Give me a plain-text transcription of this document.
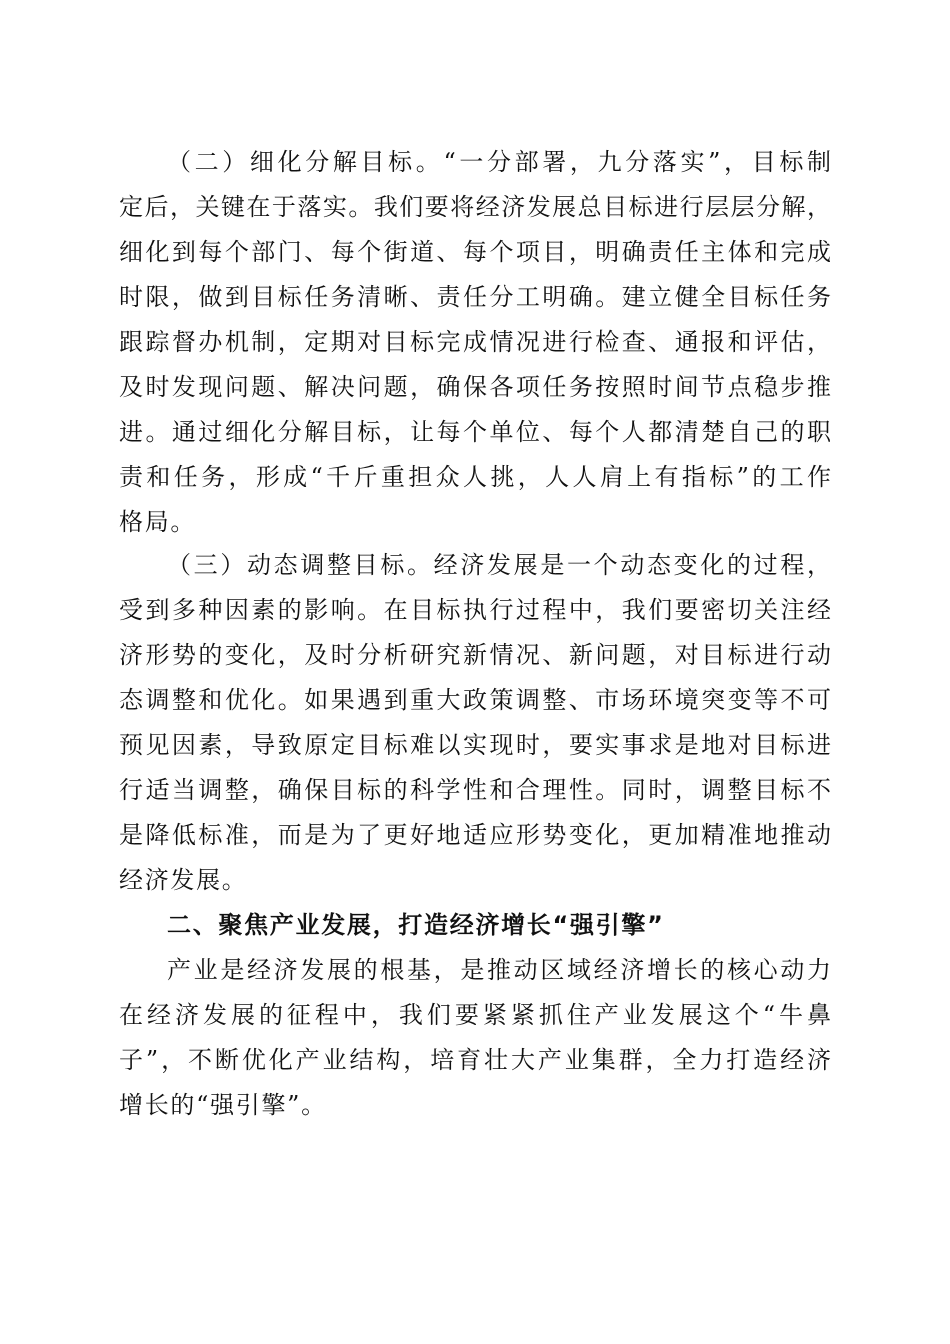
（二）细化分解目标。“一分部署，九分落实”，目标制
定后，关键在于落实。我们要将经济发展总目标进行层层分解，
细化到每个部门、每个街道、每个项目，明确责任主体和完成
时限，做到目标任务清晰、责任分工明确。建立健全目标任务
跟踪督办机制，定期对目标完成情况进行检查、通报和评估，
及时发现问题、解决问题，确保各项任务按照时间节点稳步推
进。通过细化分解目标，让每个单位、每个人都清楚自己的职
责和任务，形成“千斤重担众人挑，人人肩上有指标”的工作
格局。
（三）动态调整目标。经济发展是一个动态变化的过程，
受到多种因素的影响。在目标执行过程中，我们要密切关注经
济形势的变化，及时分析研究新情况、新问题，对目标进行动
态调整和优化。如果遇到重大政策调整、市场环境突变等不可
预见因素，导致原定目标难以实现时，要实事求是地对目标进
行适当调整，确保目标的科学性和合理性。同时，调整目标不
是降低标准，而是为了更好地适应形势变化，更加精准地推动
经济发展。
二、聚焦产业发展，打造经济增长“强引擎”
产业是经济发展的根基，是推动区域经济增长的核心动力
在经济发展的征程中，我们要紧紧抓住产业发展这个“牛鼻
子”，不断优化产业结构，培育壮大产业集群，全力打造经济
增长的“强引擎”。
